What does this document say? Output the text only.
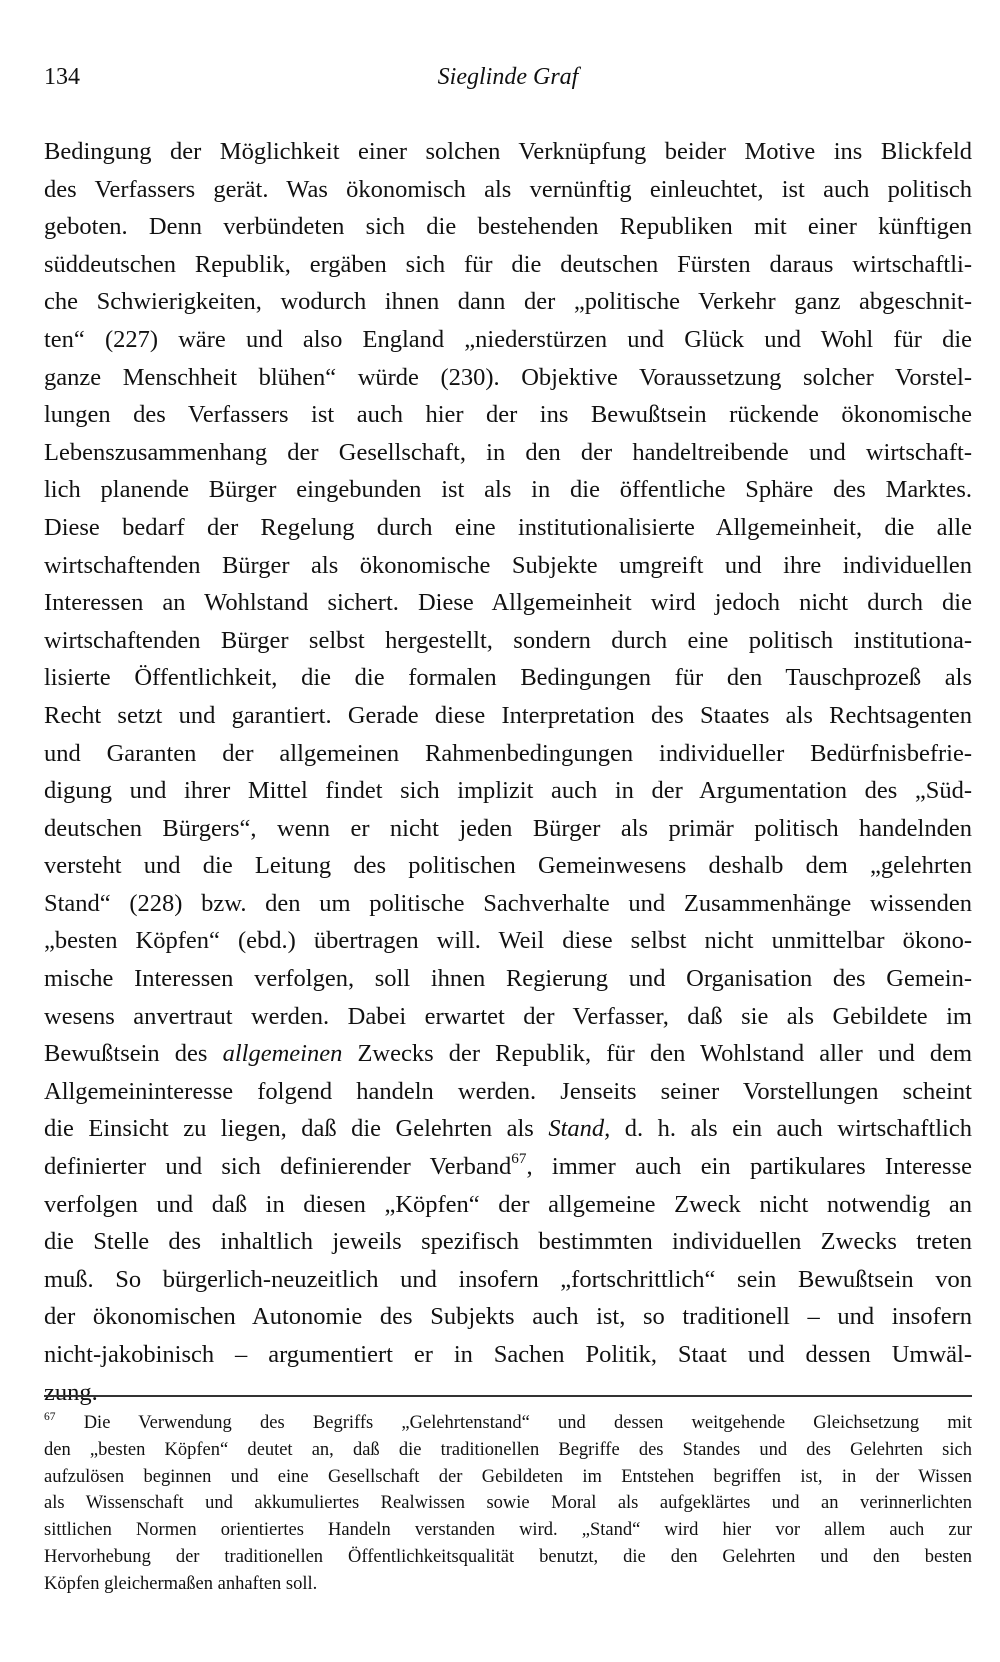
134	Sieglinde Graf
Bedingung der Möglichkeit einer solchen Verknüpfung beider Motive ins Blickfeld
des Verfassers gerät. Was ökonomisch als vernünftig einleuchtet, ist auch politisch
geboten. Denn verbündeten sich die bestehenden Republiken mit einer künftigen
süddeutschen Republik, ergäben sich für die deutschen Fürsten daraus wirtschaftli-
che Schwierigkeiten, wodurch ihnen dann der „politische Verkehr ganz abgeschnit-
ten“ (227) wäre und also England „niederstürzen und Glück und Wohl für die
ganze Menschheit blühen“ würde (230). Objektive Voraussetzung solcher Vorstel-
lungen des Verfassers ist auch hier der ins Bewußtsein rückende ökonomische
Lebenszusammenhang der Gesellschaft, in den der handeltreibende und wirtschaft-
lich planende Bürger eingebunden ist als in die öffentliche Sphäre des Marktes.
Diese bedarf der Regelung durch eine institutionalisierte Allgemeinheit, die alle
wirtschaftenden Bürger als ökonomische Subjekte umgreift und ihre individuellen
Interessen an Wohlstand sichert. Diese Allgemeinheit wird jedoch nicht durch die
wirtschaftenden Bürger selbst hergestellt, sondern durch eine politisch institutiona-
lisierte Öffentlichkeit, die die formalen Bedingungen für den Tauschprozeß als
Recht setzt und garantiert. Gerade diese Interpretation des Staates als Rechtsagenten
und Garanten der allgemeinen Rahmenbedingungen individueller Bedürfnisbefrie-
digung und ihrer Mittel findet sich implizit auch in der Argumentation des „Süd-
deutschen Bürgers“, wenn er nicht jeden Bürger als primär politisch handelnden
versteht und die Leitung des politischen Gemeinwesens deshalb dem „gelehrten
Stand“ (228) bzw. den um politische Sachverhalte und Zusammenhänge wissenden
„besten Köpfen“ (ebd.) übertragen will. Weil diese selbst nicht unmittelbar ökono-
mische Interessen verfolgen, soll ihnen Regierung und Organisation des Gemein-
wesens anvertraut werden. Dabei erwartet der Verfasser, daß sie als Gebildete im
Bewußtsein des allgemeinen Zwecks der Republik, für den Wohlstand aller und dem
Allgemeininteresse folgend handeln werden. Jenseits seiner Vorstellungen scheint
die Einsicht zu liegen, daß die Gelehrten als Stand, d. h. als ein auch wirtschaftlich
definierter und sich definierender Verband$^{67}$, immer auch ein partikulares Interesse
verfolgen und daß in diesen „Köpfen“ der allgemeine Zweck nicht notwendig an
die Stelle des inhaltlich jeweils spezifisch bestimmten individuellen Zwecks treten
muß. So bürgerlich-neuzeitlich und insofern „fortschrittlich“ sein Bewußtsein von
der ökonomischen Autonomie des Subjekts auch ist, so traditionell – und insofern
nicht-jakobinisch – argumentiert er in Sachen Politik, Staat und dessen Umwäl-
zung.
$^{67}$ Die Verwendung des Begriffs „Gelehrtenstand“ und dessen weitgehende Gleichsetzung mit
den „besten Köpfen“ deutet an, daß die traditionellen Begriffe des Standes und des Gelehrten sich
aufzulösen beginnen und eine Gesellschaft der Gebildeten im Entstehen begriffen ist, in der Wissen
als Wissenschaft und akkumuliertes Realwissen sowie Moral als aufgeklärtes und an verinnerlichten
sittlichen Normen orientiertes Handeln verstanden wird. „Stand“ wird hier vor allem auch zur
Hervorhebung der traditionellen Öffentlichkeitsqualität benutzt, die den Gelehrten und den besten
Köpfen gleichermaßen anhaften soll.
